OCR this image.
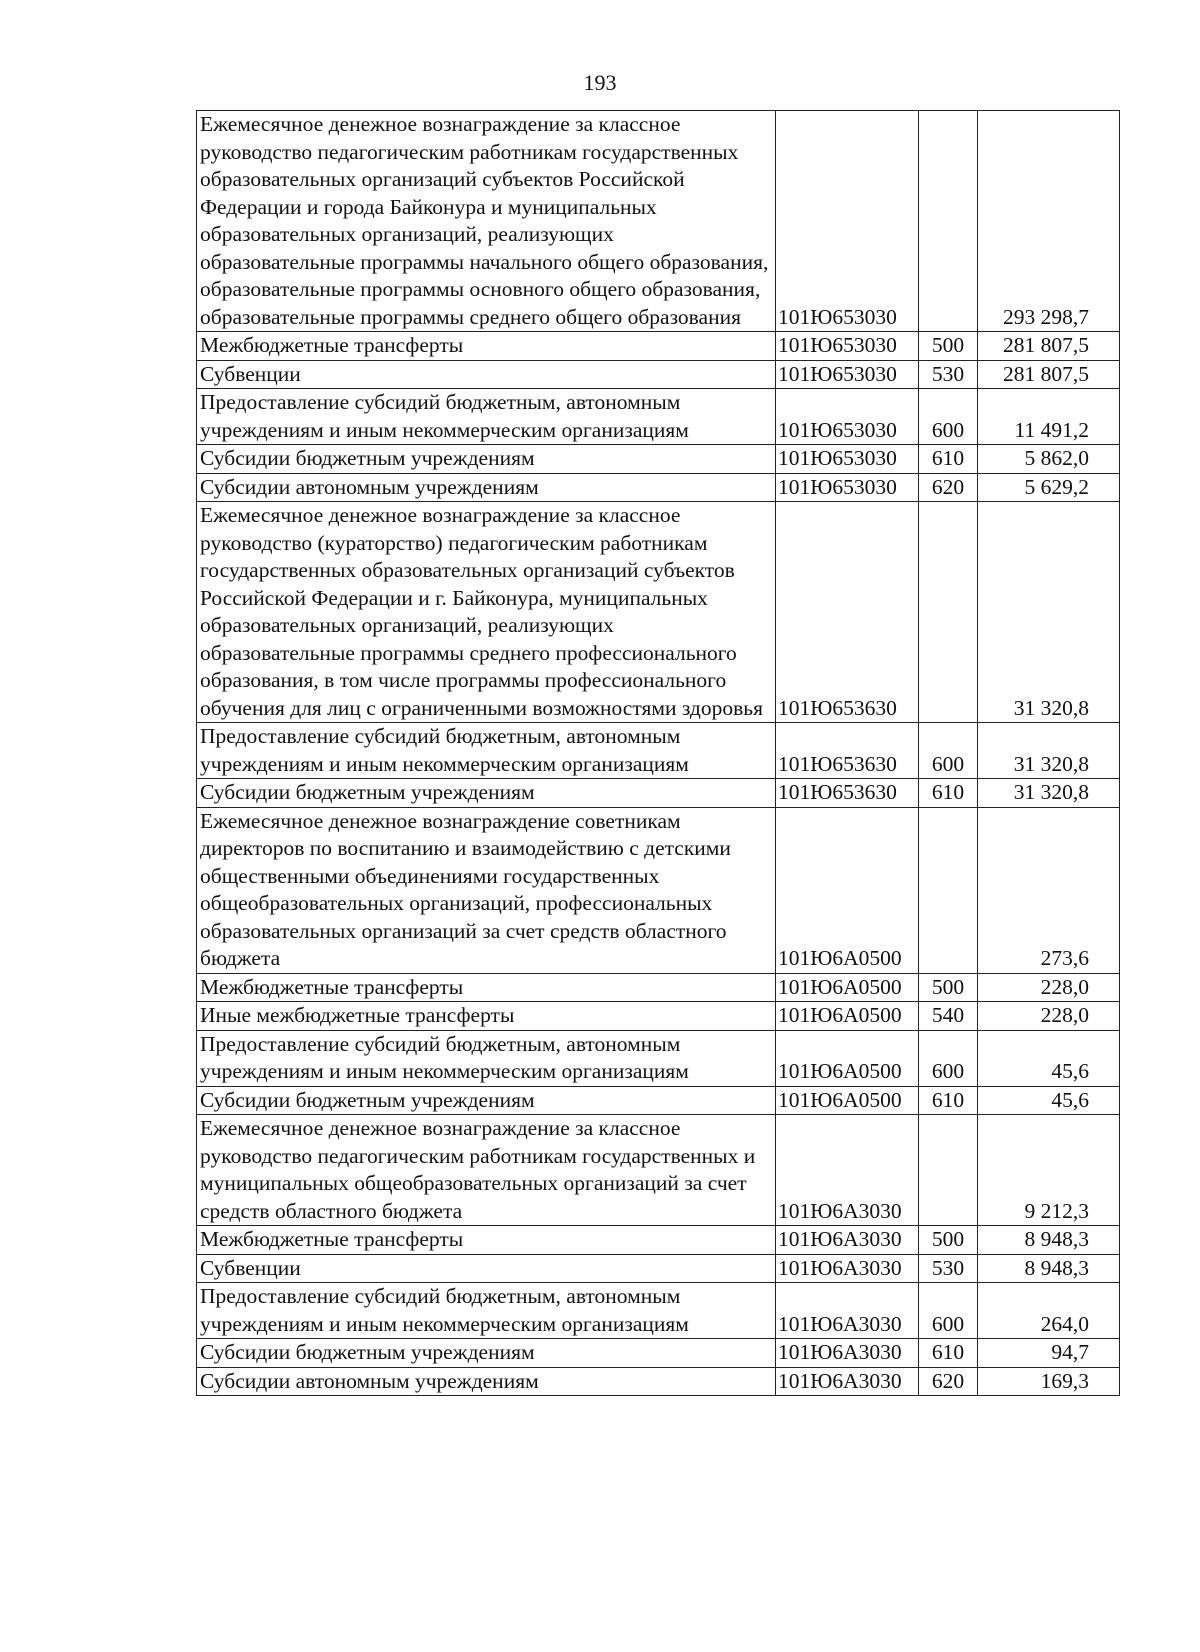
193
Ежемесячное денежное вознаграждение за классное руководство педагогическим работникам государственных образовательных организаций субъектов Российской Федерации и города Байконура и муниципальных образовательных организаций, реализующих образовательные программы начального общего образования, образовательные программы основного общего образования, образовательные программы среднего общего образования	101Ю653030		293 298,7
Межбюджетные трансферты	101Ю653030	500	281 807,5
Субвенции	101Ю653030	530	281 807,5
Предоставление субсидий бюджетным, автономным учреждениям и иным некоммерческим организациям	101Ю653030	600	11 491,2
Субсидии бюджетным учреждениям	101Ю653030	610	5 862,0
Субсидии автономным учреждениям	101Ю653030	620	5 629,2
Ежемесячное денежное вознаграждение за классное руководство (кураторство) педагогическим работникам государственных образовательных организаций субъектов Российской Федерации и г. Байконура, муниципальных образовательных организаций, реализующих образовательные программы среднего профессионального образования, в том числе программы профессионального обучения для лиц с ограниченными возможностями здоровья	101Ю653630		31 320,8
Предоставление субсидий бюджетным, автономным учреждениям и иным некоммерческим организациям	101Ю653630	600	31 320,8
Субсидии бюджетным учреждениям	101Ю653630	610	31 320,8
Ежемесячное денежное вознаграждение советникам директоров по воспитанию и взаимодействию с детскими общественными объединениями государственных общеобразовательных организаций, профессиональных образовательных организаций за счет средств областного бюджета	101Ю6А0500		273,6
Межбюджетные трансферты	101Ю6А0500	500	228,0
Иные межбюджетные трансферты	101Ю6А0500	540	228,0
Предоставление субсидий бюджетным, автономным учреждениям и иным некоммерческим организациям	101Ю6А0500	600	45,6
Субсидии бюджетным учреждениям	101Ю6А0500	610	45,6
Ежемесячное денежное вознаграждение за классное руководство педагогическим работникам государственных и муниципальных общеобразовательных организаций за счет средств областного бюджета	101Ю6А3030		9 212,3
Межбюджетные трансферты	101Ю6А3030	500	8 948,3
Субвенции	101Ю6А3030	530	8 948,3
Предоставление субсидий бюджетным, автономным учреждениям и иным некоммерческим организациям	101Ю6А3030	600	264,0
Субсидии бюджетным учреждениям	101Ю6А3030	610	94,7
Субсидии автономным учреждениям	101Ю6А3030	620	169,3
